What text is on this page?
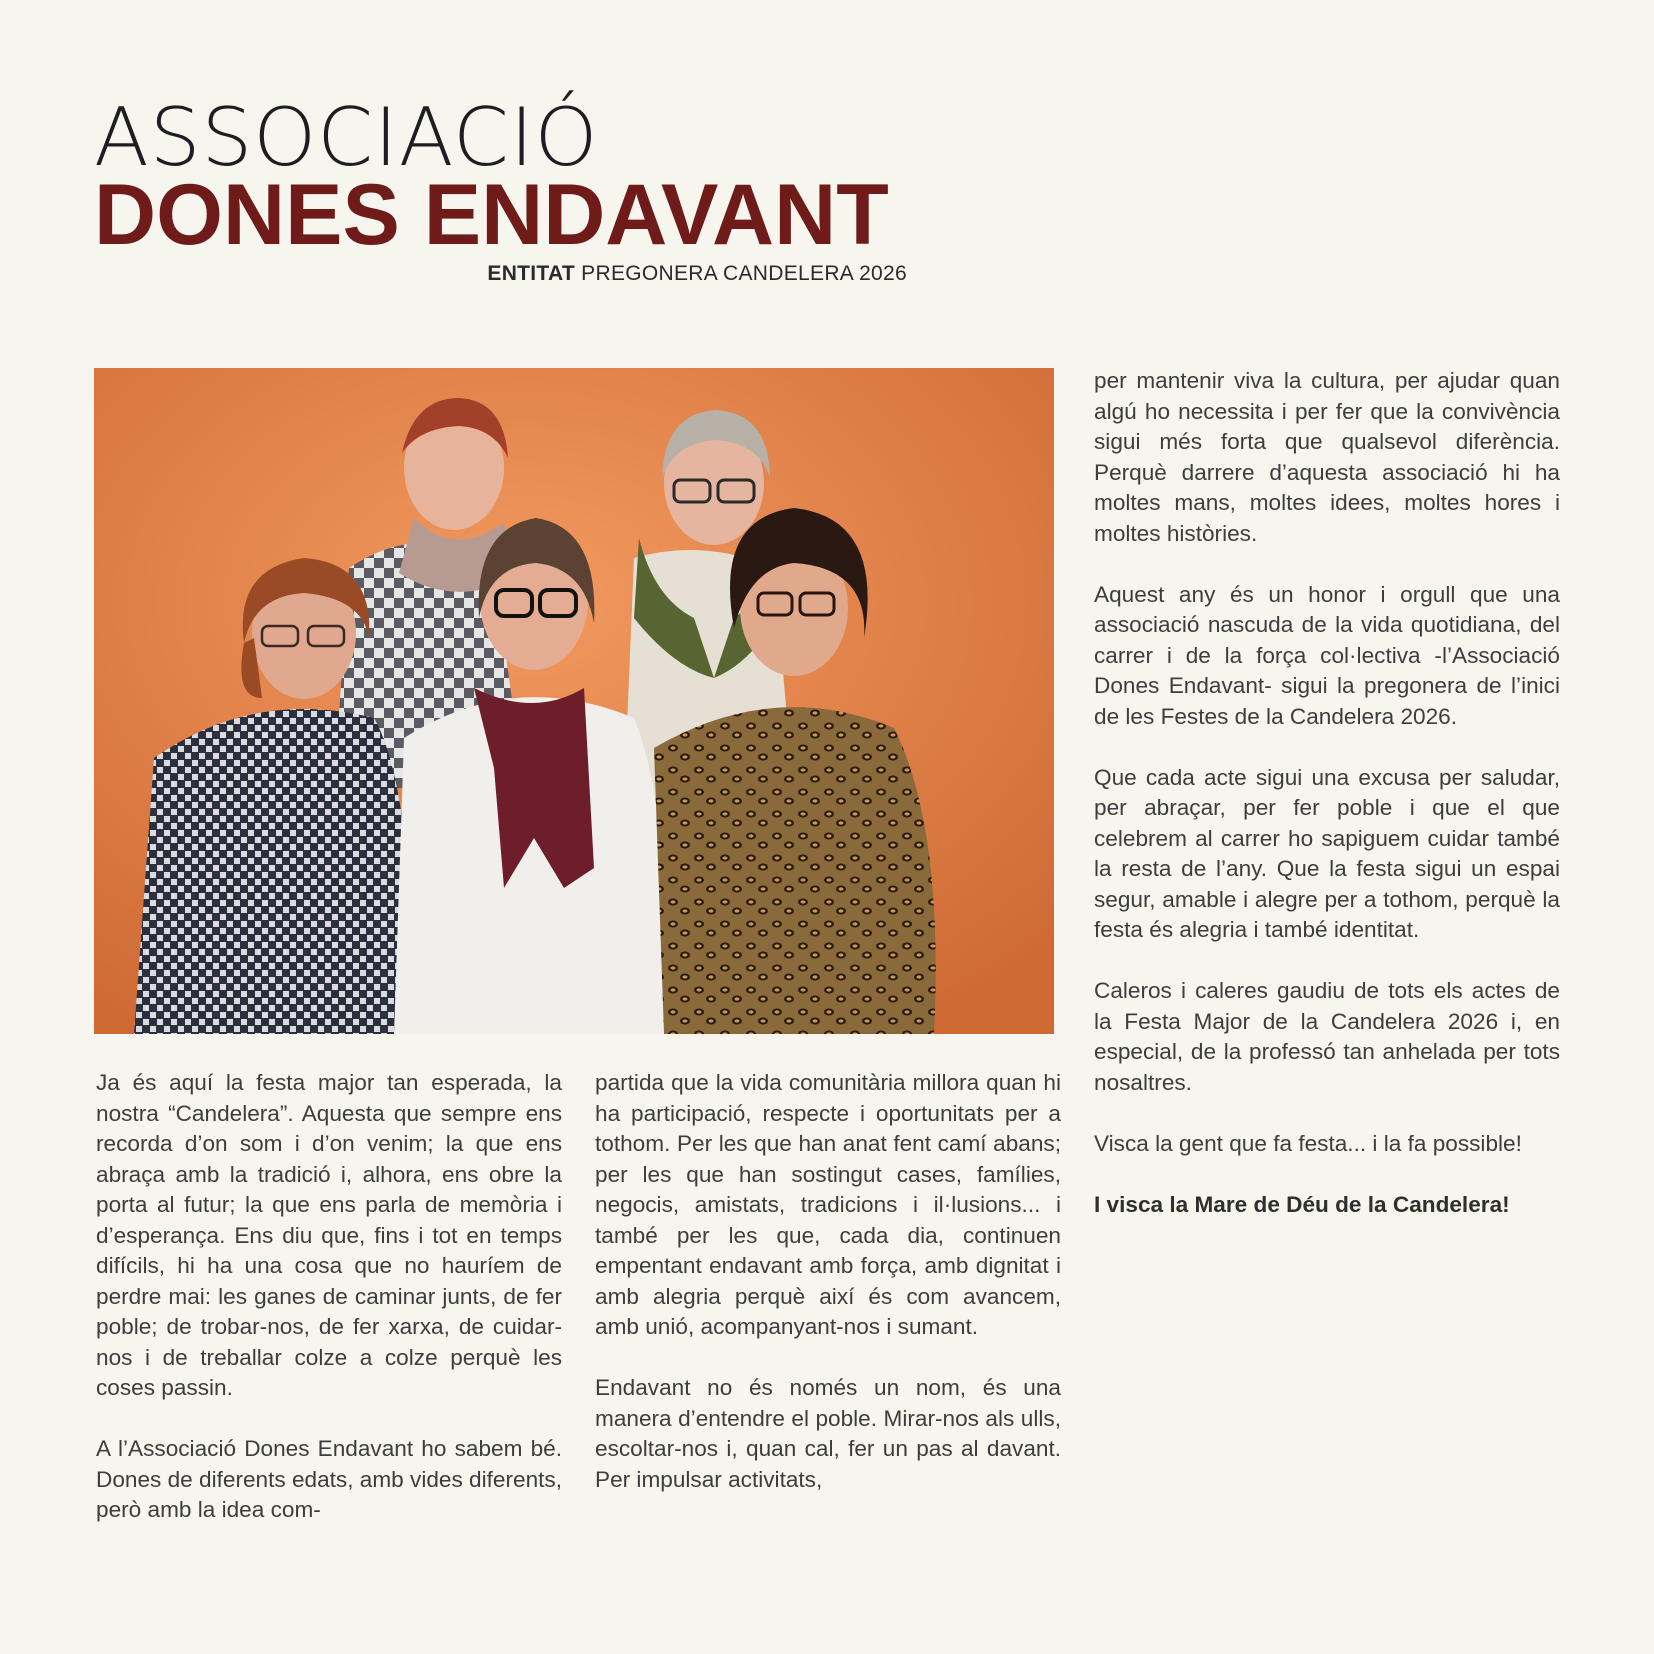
ASSOCIACIÓ
DONES ENDAVANT
ENTITAT PREGONERA CANDELERA 2026

Ja és aquí la festa major tan esperada, la nostra “Candelera”. Aquesta que sempre ens recorda d’on som i d’on venim; la que ens abraça amb la tradició i, alhora, ens obre la porta al futur; la que ens parla de memòria i d’esperança. Ens diu que, fins i tot en temps difícils, hi ha una cosa que no hauríem de perdre mai: les ganes de caminar junts, de fer poble; de trobar-nos, de fer xarxa, de cuidar-nos i de treballar colze a colze perquè les coses passin.

A l’Associació Dones Endavant ho sabem bé. Dones de diferents edats, amb vides diferents, però amb la idea com-

partida que la vida comunitària millora quan hi ha participació, respecte i oportunitats per a tothom. Per les que han anat fent camí abans; per les que han sostingut cases, famílies, negocis, amistats, tradicions i il·lusions... i també per les que, cada dia, continuen empentant endavant amb força, amb dignitat i amb alegria perquè així és com avancem, amb unió, acompanyant-nos i sumant.

Endavant no és només un nom, és una manera d’entendre el poble. Mirar-nos als ulls, escoltar-nos i, quan cal, fer un pas al davant. Per impulsar activitats,

per mantenir viva la cultura, per ajudar quan algú ho necessita i per fer que la convivència sigui més forta que qualsevol diferència. Perquè darrere d’aquesta associació hi ha moltes mans, moltes idees, moltes hores i moltes històries.

Aquest any és un honor i orgull que una associació nascuda de la vida quotidiana, del carrer i de la força col·lectiva -l’Associació Dones Endavant- sigui la pregonera de l’inici de les Festes de la Candelera 2026.

Que cada acte sigui una excusa per saludar, per abraçar, per fer poble i que el que celebrem al carrer ho sapiguem cuidar també la resta de l’any. Que la festa sigui un espai segur, amable i alegre per a tothom, perquè la festa és alegria i també identitat.

Caleros i caleres gaudiu de tots els actes de la Festa Major de la Candelera 2026 i, en especial, de la professó tan anhelada per tots nosaltres.

Visca la gent que fa festa... i la fa possible!

I visca la Mare de Déu de la Candelera!
